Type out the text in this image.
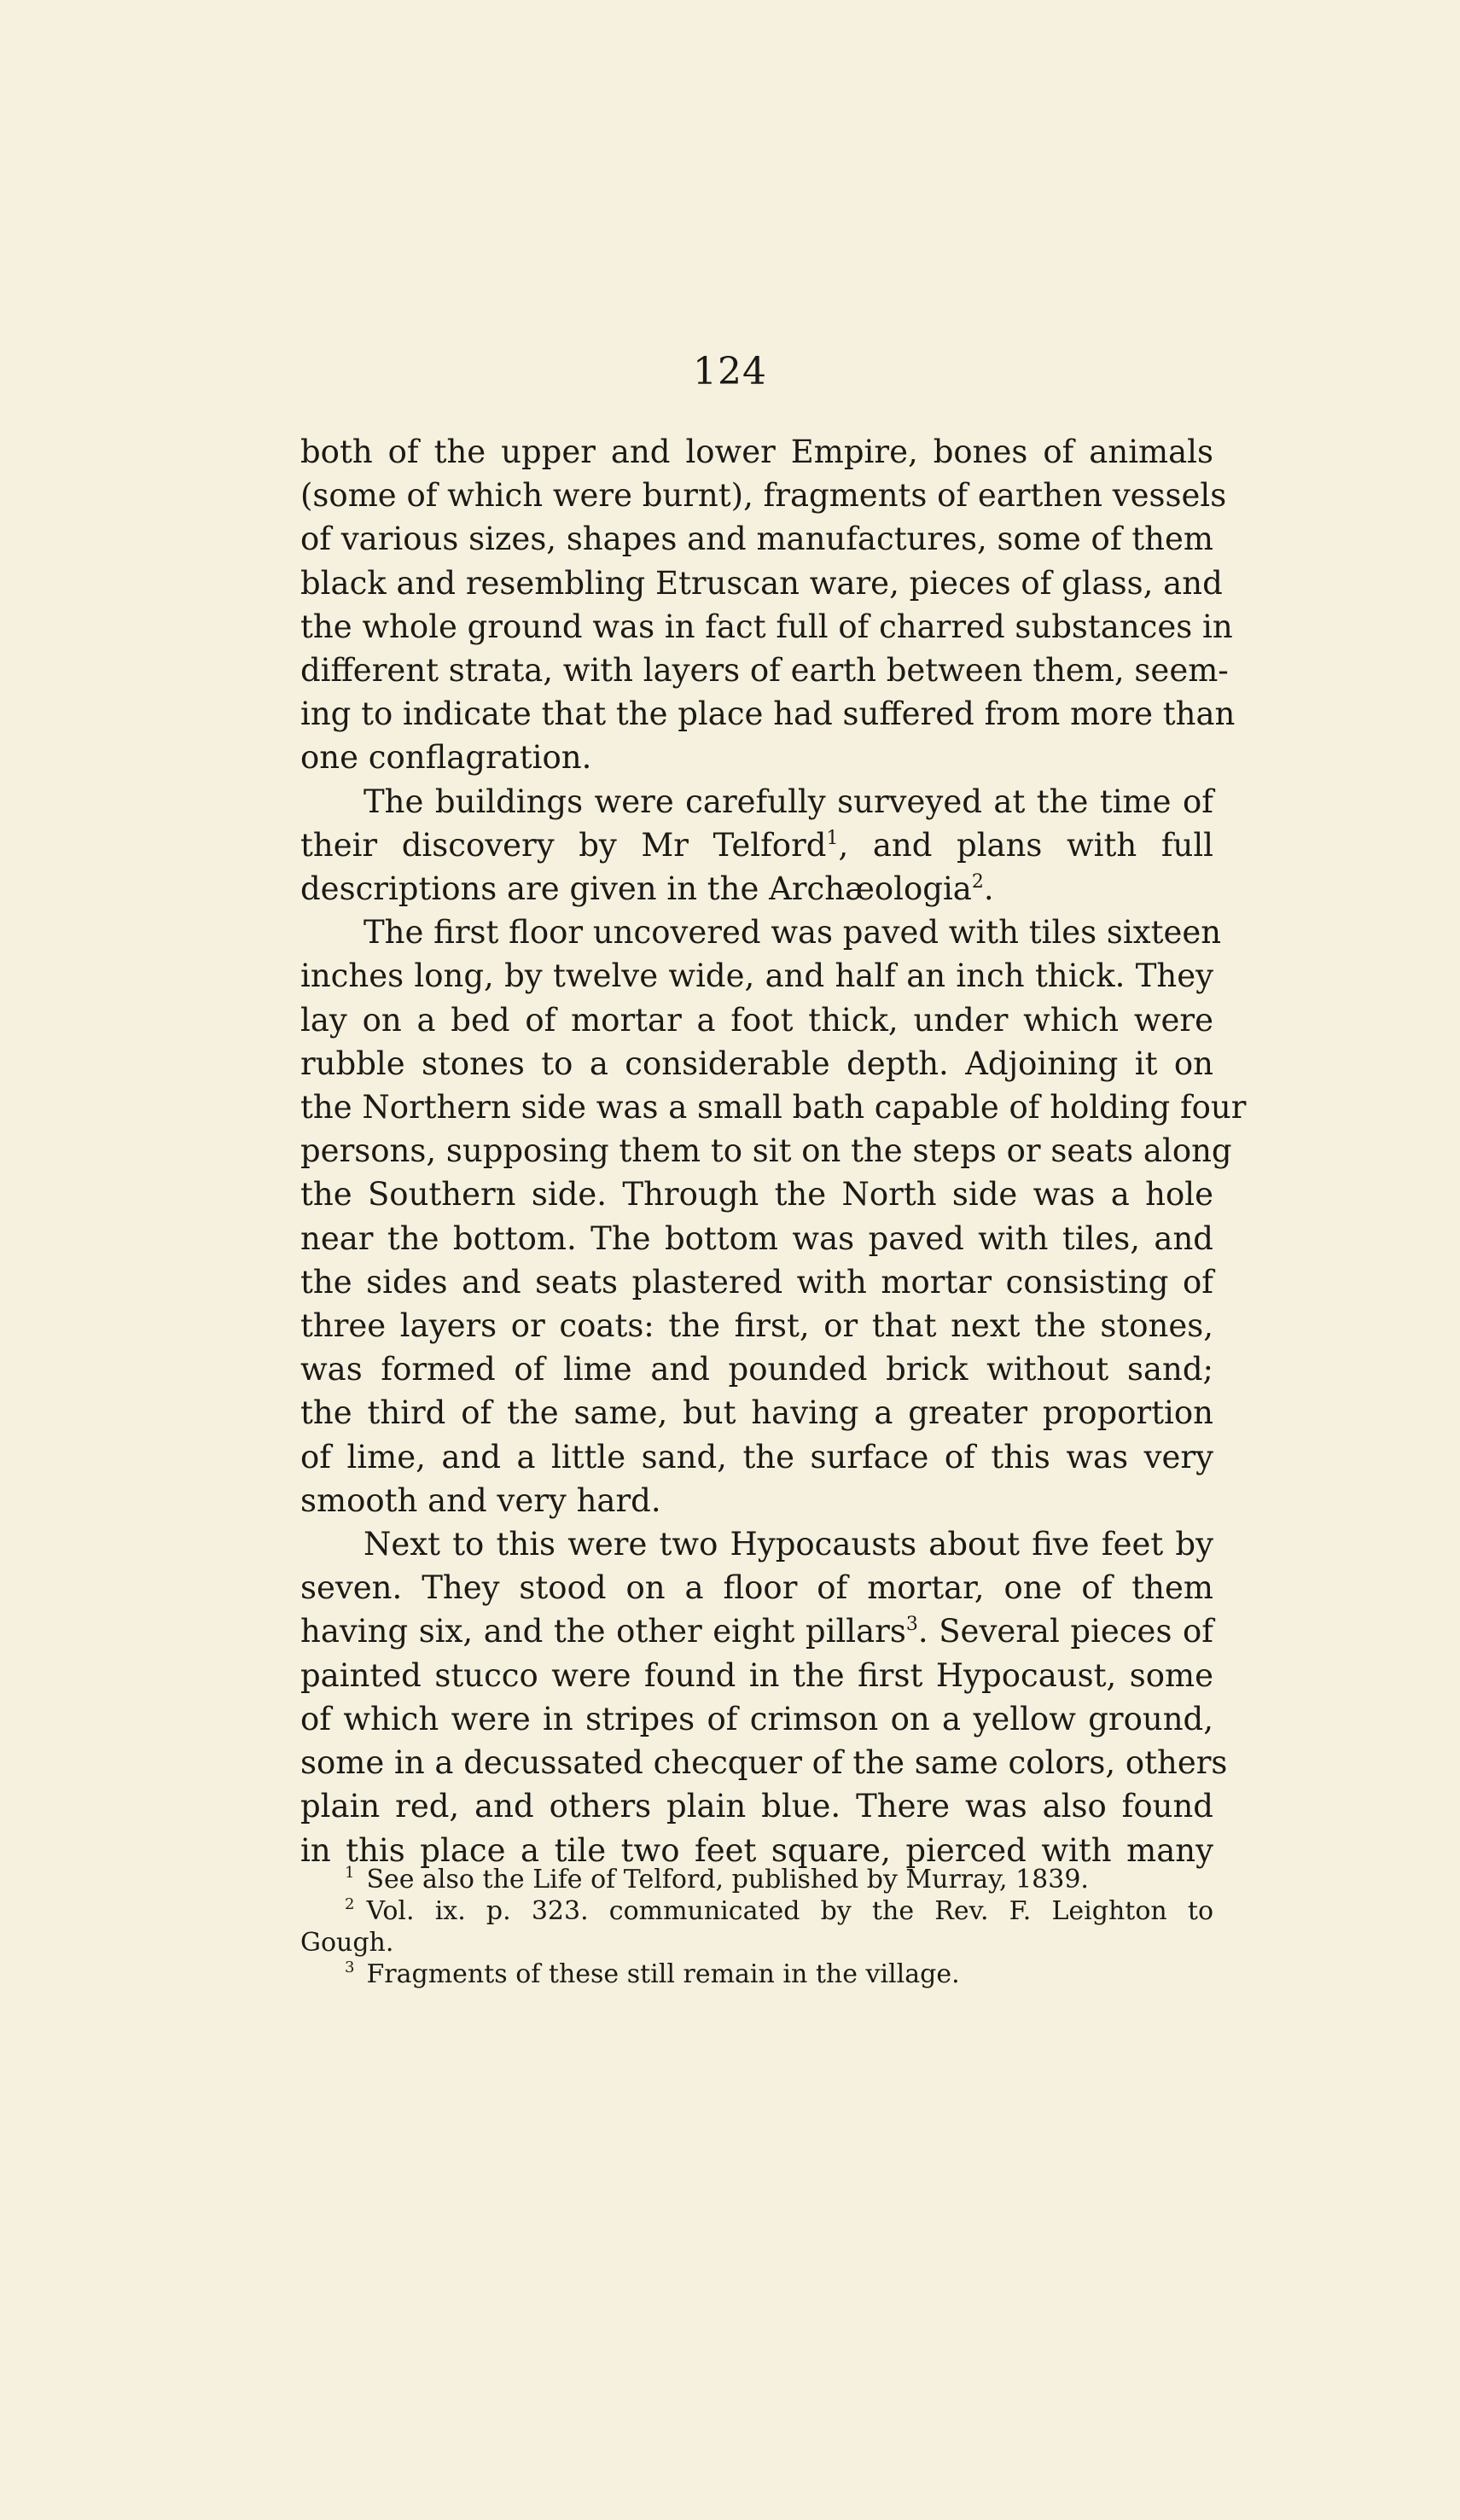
124
both of the upper and lower Empire, bones of animals
(some of which were burnt), fragments of earthen vessels
of various sizes, shapes and manufactures, some of them
black and resembling Etruscan ware, pieces of glass, and
the whole ground was in fact full of charred substances in
different strata, with layers of earth between them, seem-
ing to indicate that the place had suffered from more than
one conflagration.
The buildings were carefully surveyed at the time of
their discovery by Mr Telford$^1$, and plans with full
descriptions are given in the Archæologia$^2$.
The first floor uncovered was paved with tiles sixteen
inches long, by twelve wide, and half an inch thick. They
lay on a bed of mortar a foot thick, under which were
rubble stones to a considerable depth. Adjoining it on
the Northern side was a small bath capable of holding four
persons, supposing them to sit on the steps or seats along
the Southern side. Through the North side was a hole
near the bottom. The bottom was paved with tiles, and
the sides and seats plastered with mortar consisting of
three layers or coats: the first, or that next the stones,
was formed of lime and pounded brick without sand;
the third of the same, but having a greater proportion
of lime, and a little sand, the surface of this was very
smooth and very hard.
Next to this were two Hypocausts about five feet by
seven. They stood on a floor of mortar, one of them
having six, and the other eight pillars$^3$. Several pieces of
painted stucco were found in the first Hypocaust, some
of which were in stripes of crimson on a yellow ground,
some in a decussated checquer of the same colors, others
plain red, and others plain blue. There was also found
in this place a tile two feet square, pierced with many
$^1$ See also the Life of Telford, published by Murray, 1839.
$^2$ Vol. ix. p. 323. communicated by the Rev. F. Leighton to
Gough.
$^3$ Fragments of these still remain in the village.
